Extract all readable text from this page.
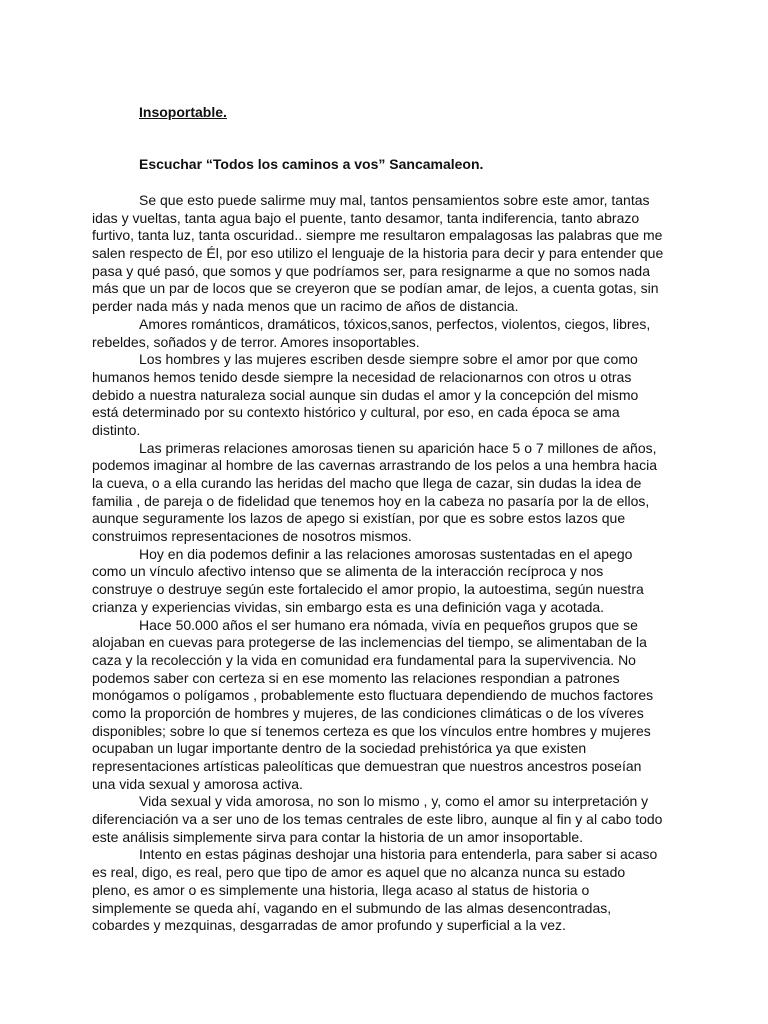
Insoportable.
Escuchar “Todos los caminos a vos” Sancamaleon.
Se que esto puede salirme muy mal, tantos pensamientos sobre este amor, tantas
idas y vueltas, tanta agua bajo el puente, tanto desamor, tanta indiferencia, tanto abrazo
furtivo, tanta luz, tanta oscuridad.. siempre me resultaron empalagosas las palabras que me
salen respecto de Él, por eso utilizo el lenguaje de la historia para decir y para entender que
pasa y qué pasó, que somos y que podríamos ser, para resignarme a que no somos nada
más que un par de locos que se creyeron que se podían amar, de lejos, a cuenta gotas, sin
perder nada más y nada menos que un racimo de años de distancia.
Amores románticos, dramáticos, tóxicos,sanos, perfectos, violentos, ciegos, libres,
rebeldes, soñados y de terror. Amores insoportables.
Los hombres y las mujeres escriben desde siempre sobre el amor por que como
humanos hemos tenido desde siempre la necesidad de relacionarnos con otros u otras
debido a nuestra naturaleza social aunque sin dudas el amor y la concepción del mismo
está determinado por su contexto histórico y cultural, por eso, en cada época se ama
distinto.
Las primeras relaciones amorosas tienen su aparición hace 5 o 7 millones de años,
podemos imaginar al hombre de las cavernas arrastrando de los pelos a una hembra hacia
la cueva, o a ella curando las heridas del macho que llega de cazar, sin dudas la idea de
familia , de pareja o de fidelidad que tenemos hoy en la cabeza no pasaría por la de ellos,
aunque seguramente los lazos de apego si existían, por que es sobre estos lazos que
construimos representaciones de nosotros mismos.
Hoy en dia podemos definir a las relaciones amorosas sustentadas en el apego
como un vínculo afectivo intenso que se alimenta de la interacción recíproca y nos
construye o destruye según este fortalecido el amor propio, la autoestima, según nuestra
crianza y experiencias vividas, sin embargo esta es una definición vaga y acotada.
Hace 50.000 años el ser humano era nómada, vivía en pequeños grupos que se
alojaban en cuevas para protegerse de las inclemencias del tiempo, se alimentaban de la
caza y la recolección y la vida en comunidad era fundamental para la supervivencia. No
podemos saber con certeza si en ese momento las relaciones respondian a patrones
monógamos o polígamos , probablemente esto fluctuara dependiendo de muchos factores
como la proporción de hombres y mujeres, de las condiciones climáticas o de los víveres
disponibles; sobre lo que sí tenemos certeza es que los vínculos entre hombres y mujeres
ocupaban un lugar importante dentro de la sociedad prehistórica ya que existen
representaciones artísticas paleolíticas que demuestran que nuestros ancestros poseían
una vida sexual y amorosa activa.
Vida sexual y vida amorosa, no son lo mismo , y, como el amor su interpretación y
diferenciación va a ser uno de los temas centrales de este libro, aunque al fin y al cabo todo
este análisis simplemente sirva para contar la historia de un amor insoportable.
Intento en estas páginas deshojar una historia para entenderla, para saber si acaso
es real, digo, es real, pero que tipo de amor es aquel que no alcanza nunca su estado
pleno, es amor o es simplemente una historia, llega acaso al status de historia o
simplemente se queda ahí, vagando en el submundo de las almas desencontradas,
cobardes y mezquinas, desgarradas de amor profundo y superficial a la vez.
